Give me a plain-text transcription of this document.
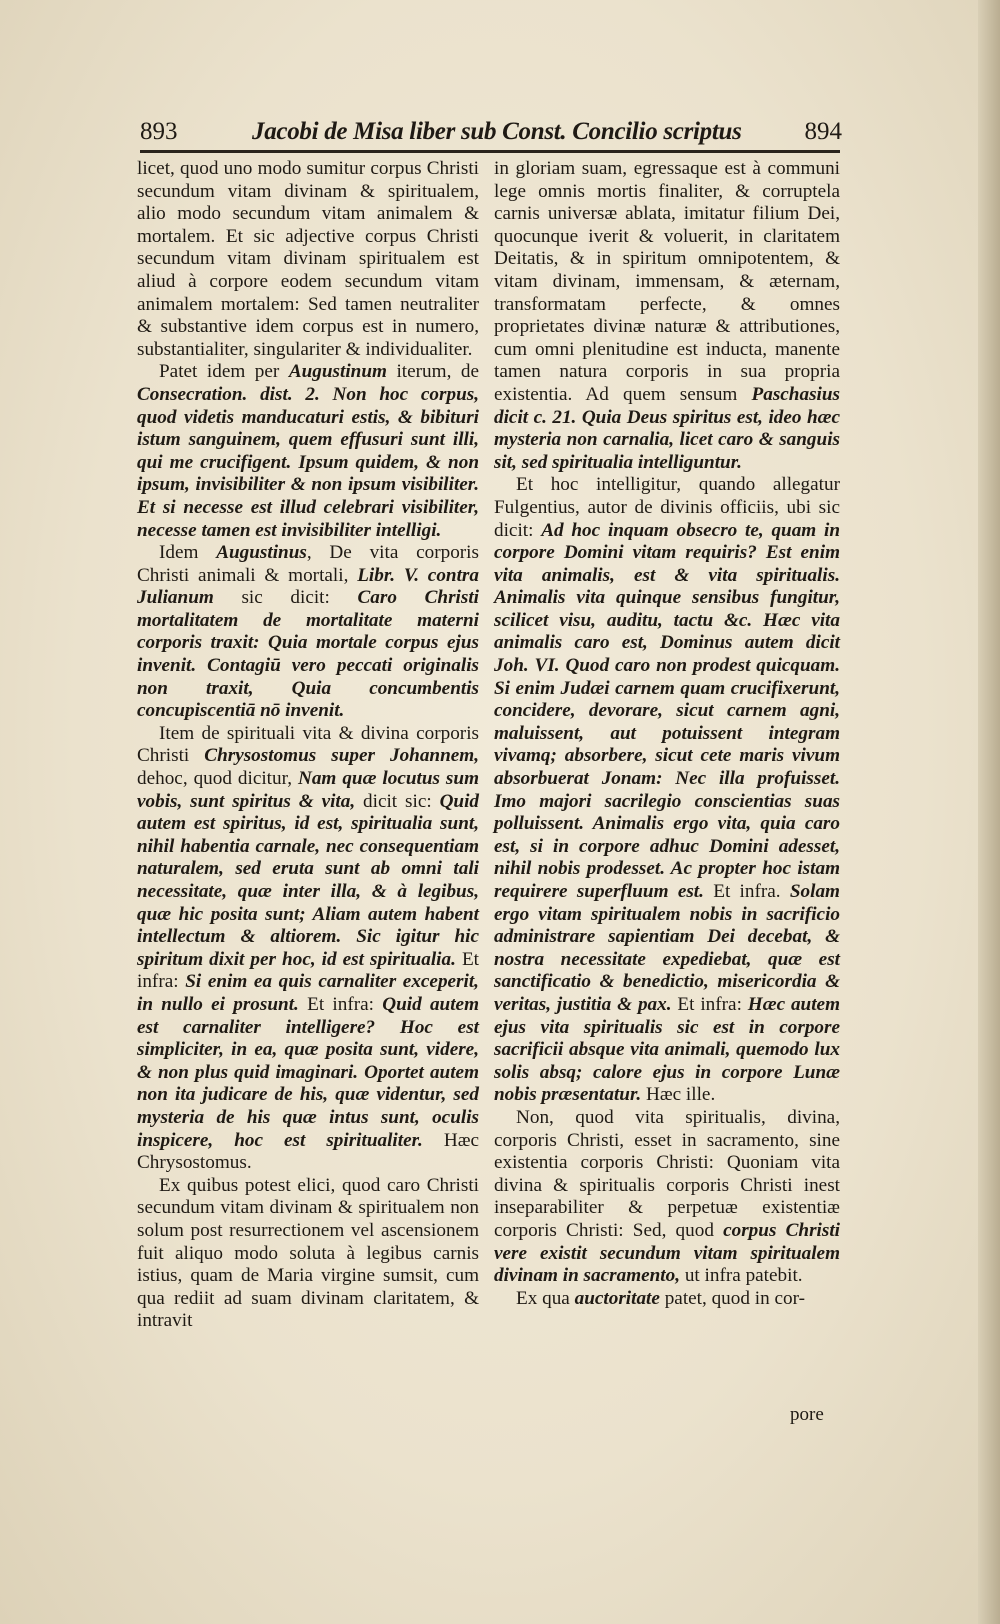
893	Jacobi de Misa liber sub Const. Concilio scriptus	894

licet, quod uno modo sumitur corpus Christi secundum vitam divinam & spiritualem, alio modo secundum vitam animalem & mortalem. Et sic adjective corpus Christi secundum vitam divinam spiritualem est aliud à corpore eodem secundum vitam animalem mortalem: Sed tamen neutraliter & substantive idem corpus est in numero, substantialiter, singulariter & individualiter.

Patet idem per Augustinum iterum, de Consecration. dist. 2. Non hoc corpus, quod videtis manducaturi estis, & bibituri istum sanguinem, quem effusuri sunt illi, qui me crucifigent. Ipsum quidem, & non ipsum, invisibiliter & non ipsum visibiliter. Et si necesse est illud celebrari visibiliter, necesse tamen est invisibiliter intelligi.

Idem Augustinus, De vita corporis Christi animali & mortali, Libr. V. contra Julianum sic dicit: Caro Christi mortalitatem de mortalitate materni corporis traxit: Quia mortale corpus ejus invenit. Contagiū vero peccati originalis non traxit, Quia concumbentis concupiscentiā nō invenit.

Item de spirituali vita & divina corporis Christi Chrysostomus super Johannem, dehoc, quod dicitur, Nam quæ locutus sum vobis, sunt spiritus & vita, dicit sic: Quid autem est spiritus, id est, spiritualia sunt, nihil habentia carnale, nec consequentiam naturalem, sed eruta sunt ab omni tali necessitate, quæ inter illa, & à legibus, quæ hic posita sunt; Aliam autem habent intellectum & altiorem. Sic igitur hic spiritum dixit per hoc, id est spiritualia. Et infra: Si enim ea quis carnaliter exceperit, in nullo ei prosunt. Et infra: Quid autem est carnaliter intelligere? Hoc est simpliciter, in ea, quæ posita sunt, videre, & non plus quid imaginari. Oportet autem non ita judicare de his, quæ videntur, sed mysteria de his quæ intus sunt, oculis inspicere, hoc est spiritualiter. Hæc Chrysostomus.

Ex quibus potest elici, quod caro Christi secundum vitam divinam & spiritualem non solum post resurrectionem vel ascensionem fuit aliquo modo soluta à legibus carnis istius, quam de Maria virgine sumsit, cum qua rediit ad suam divinam claritatem, & intravit

in gloriam suam, egressaque est à communi lege omnis mortis finaliter, & corruptela carnis universæ ablata, imitatur filium Dei, quocunque iverit & voluerit, in claritatem Deitatis, & in spiritum omnipotentem, & vitam divinam, immensam, & æternam, transformatam perfecte, & omnes proprietates divinæ naturæ & attributiones, cum omni plenitudine est inducta, manente tamen natura corporis in sua propria existentia. Ad quem sensum Paschasius dicit c. 21. Quia Deus spiritus est, ideo hæc mysteria non carnalia, licet caro & sanguis sit, sed spiritualia intelliguntur.

Et hoc intelligitur, quando allegatur Fulgentius, autor de divinis officiis, ubi sic dicit: Ad hoc inquam obsecro te, quam in corpore Domini vitam requiris? Est enim vita animalis, est & vita spiritualis. Animalis vita quinque sensibus fungitur, scilicet visu, auditu, tactu &c. Hæc vita animalis caro est, Dominus autem dicit Joh. VI. Quod caro non prodest quicquam. Si enim Judæi carnem quam crucifixerunt, concidere, devorare, sicut carnem agni, maluissent, aut potuissent integram vivamq; absorbere, sicut cete maris vivum absorbuerat Jonam: Nec illa profuisset. Imo majori sacrilegio conscientias suas polluissent. Animalis ergo vita, quia caro est, si in corpore adhuc Domini adesset, nihil nobis prodesset. Ac propter hoc istam requirere superfluum est. Et infra. Solam ergo vitam spiritualem nobis in sacrificio administrare sapientiam Dei decebat, & nostra necessitate expediebat, quæ est sanctificatio & benedictio, misericordia & veritas, justitia & pax. Et infra: Hæc autem ejus vita spiritualis sic est in corpore sacrificii absque vita animali, quemodo lux solis absq; calore ejus in corpore Lunæ nobis præsentatur. Hæc ille.

Non, quod vita spiritualis, divina, corporis Christi, esset in sacramento, sine existentia corporis Christi: Quoniam vita divina & spiritualis corporis Christi inest inseparabiliter & perpetuæ existentiæ corporis Christi: Sed, quod corpus Christi vere existit secundum vitam spiritualem divinam in sacramento, ut infra patebit.

Ex qua auctoritate patet, quod in cor-

pore
